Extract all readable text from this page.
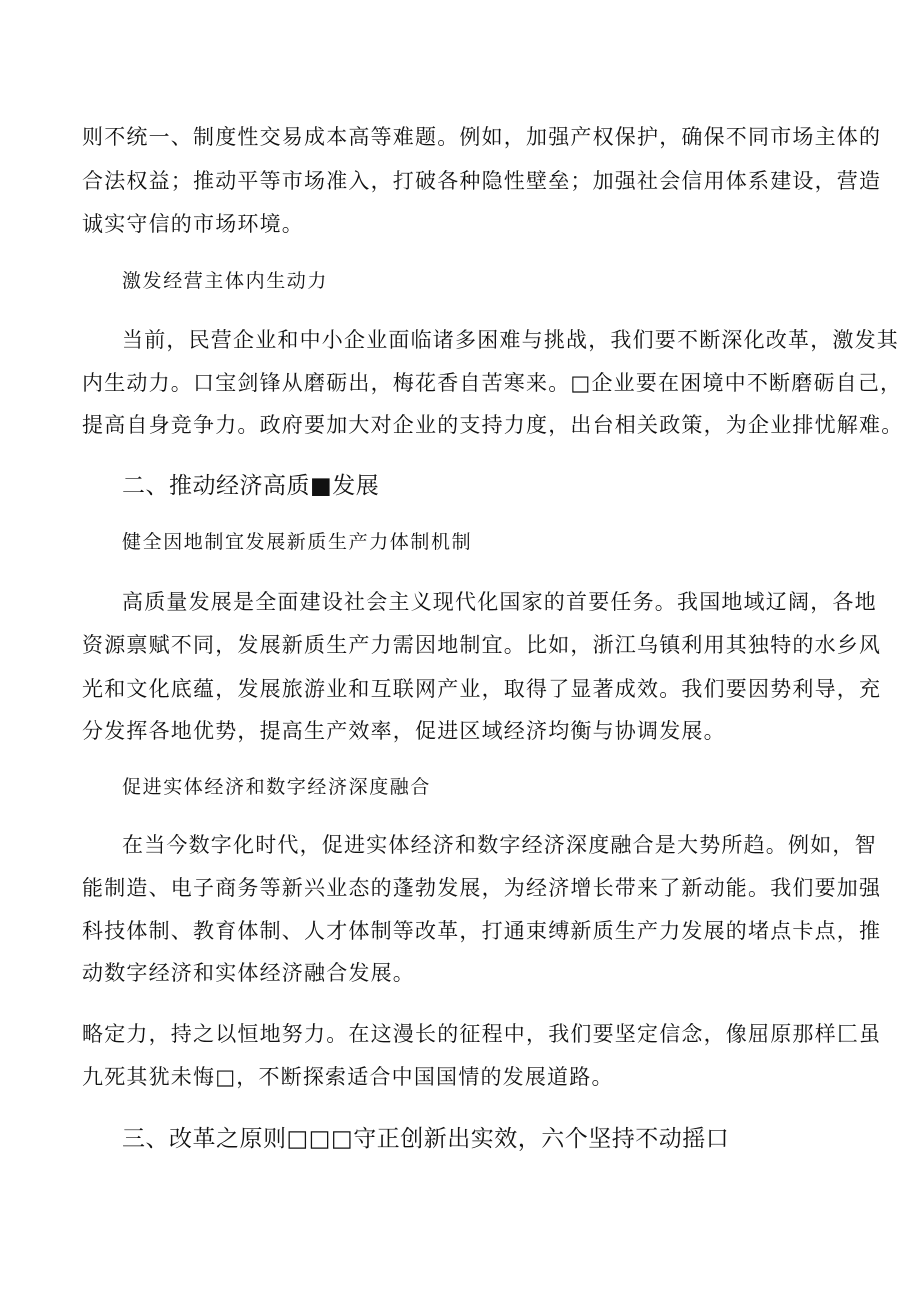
则不统一、制度性交易成本高等难题。例如，加强产权保护，确保不同市场主体的
合法权益；推动平等市场准入，打破各种隐性壁垒；加强社会信用体系建设，营造
诚实守信的市场环境。
激发经营主体内生动力
当前，民营企业和中小企业面临诸多困难与挑战，我们要不断深化改革，激发其
内生动力。口宝剑锋从磨砺出，梅花香自苦寒来。□企业要在困境中不断磨砺自己，
提高自身竞争力。政府要加大对企业的支持力度，出台相关政策，为企业排忧解难。
二、推动经济高质■发展
健全因地制宜发展新质生产力体制机制
高质量发展是全面建设社会主义现代化国家的首要任务。我国地域辽阔，各地
资源禀赋不同，发展新质生产力需因地制宜。比如，浙江乌镇利用其独特的水乡风
光和文化底蕴，发展旅游业和互联网产业，取得了显著成效。我们要因势利导，充
分发挥各地优势，提高生产效率，促进区域经济均衡与协调发展。
促进实体经济和数字经济深度融合
在当今数字化时代，促进实体经济和数字经济深度融合是大势所趋。例如，智
能制造、电子商务等新兴业态的蓬勃发展，为经济增长带来了新动能。我们要加强
科技体制、教育体制、人才体制等改革，打通束缚新质生产力发展的堵点卡点，推
动数字经济和实体经济融合发展。
略定力，持之以恒地努力。在这漫长的征程中，我们要坚定信念，像屈原那样匚虽
九死其犹未悔□，不断探索适合中国国情的发展道路。
三、改革之原则□□□守正创新出实效，六个坚持不动摇口
